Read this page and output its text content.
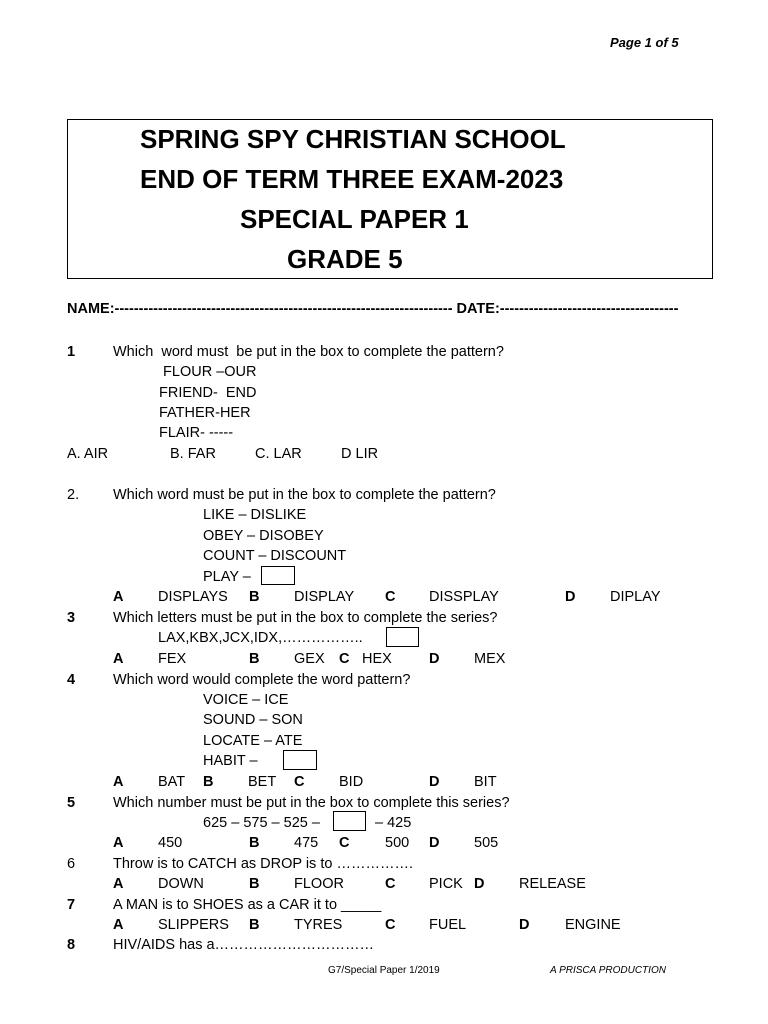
Page 1 of 5
SPRING SPY CHRISTIAN SCHOOL
END OF TERM THREE EXAM-2023
SPECIAL PAPER 1
GRADE 5
NAME:---------------------------------------------------------------------- DATE:-------------------------------------
1	Which  word must  be put in the box to complete the pattern?
FLOUR –OUR
FRIEND-  END
FATHER-HER
FLAIR- -----
A. AIR	B. FAR	C. LAR	D LIR
2. Which word must be put in the box to complete the pattern?
LIKE – DISLIKE
OBEY – DISOBEY
COUNT – DISCOUNT
PLAY –
A DISPLAYS B DISPLAY C DISSPLAY	D DIPLAY
3	Which letters must be put in the box to complete the series?
LAX,KBX,JCX,IDX,……………..
A FEX	B GEX C HEX	D MEX
4	Which word would complete the word pattern?
VOICE – ICE
SOUND – SON
LOCATE – ATE
HABIT –
A BAT B BET C BID	D BIT
5	Which number must be put in the box to complete this series?
625 – 575 – 525 –	– 425
A 450	B 475 C 500 D 505
6	Throw is to CATCH as DROP is to …………….
A DOWN	B FLOOR	C PICK D RELEASE
7	A MAN is to SHOES as a CAR it to _____
A SLIPPERS B TYRES	C FUEL	D ENGINE
8	HIV/AIDS has a……………………………
G7/Special Paper 1/2019	A PRISCA PRODUCTION
